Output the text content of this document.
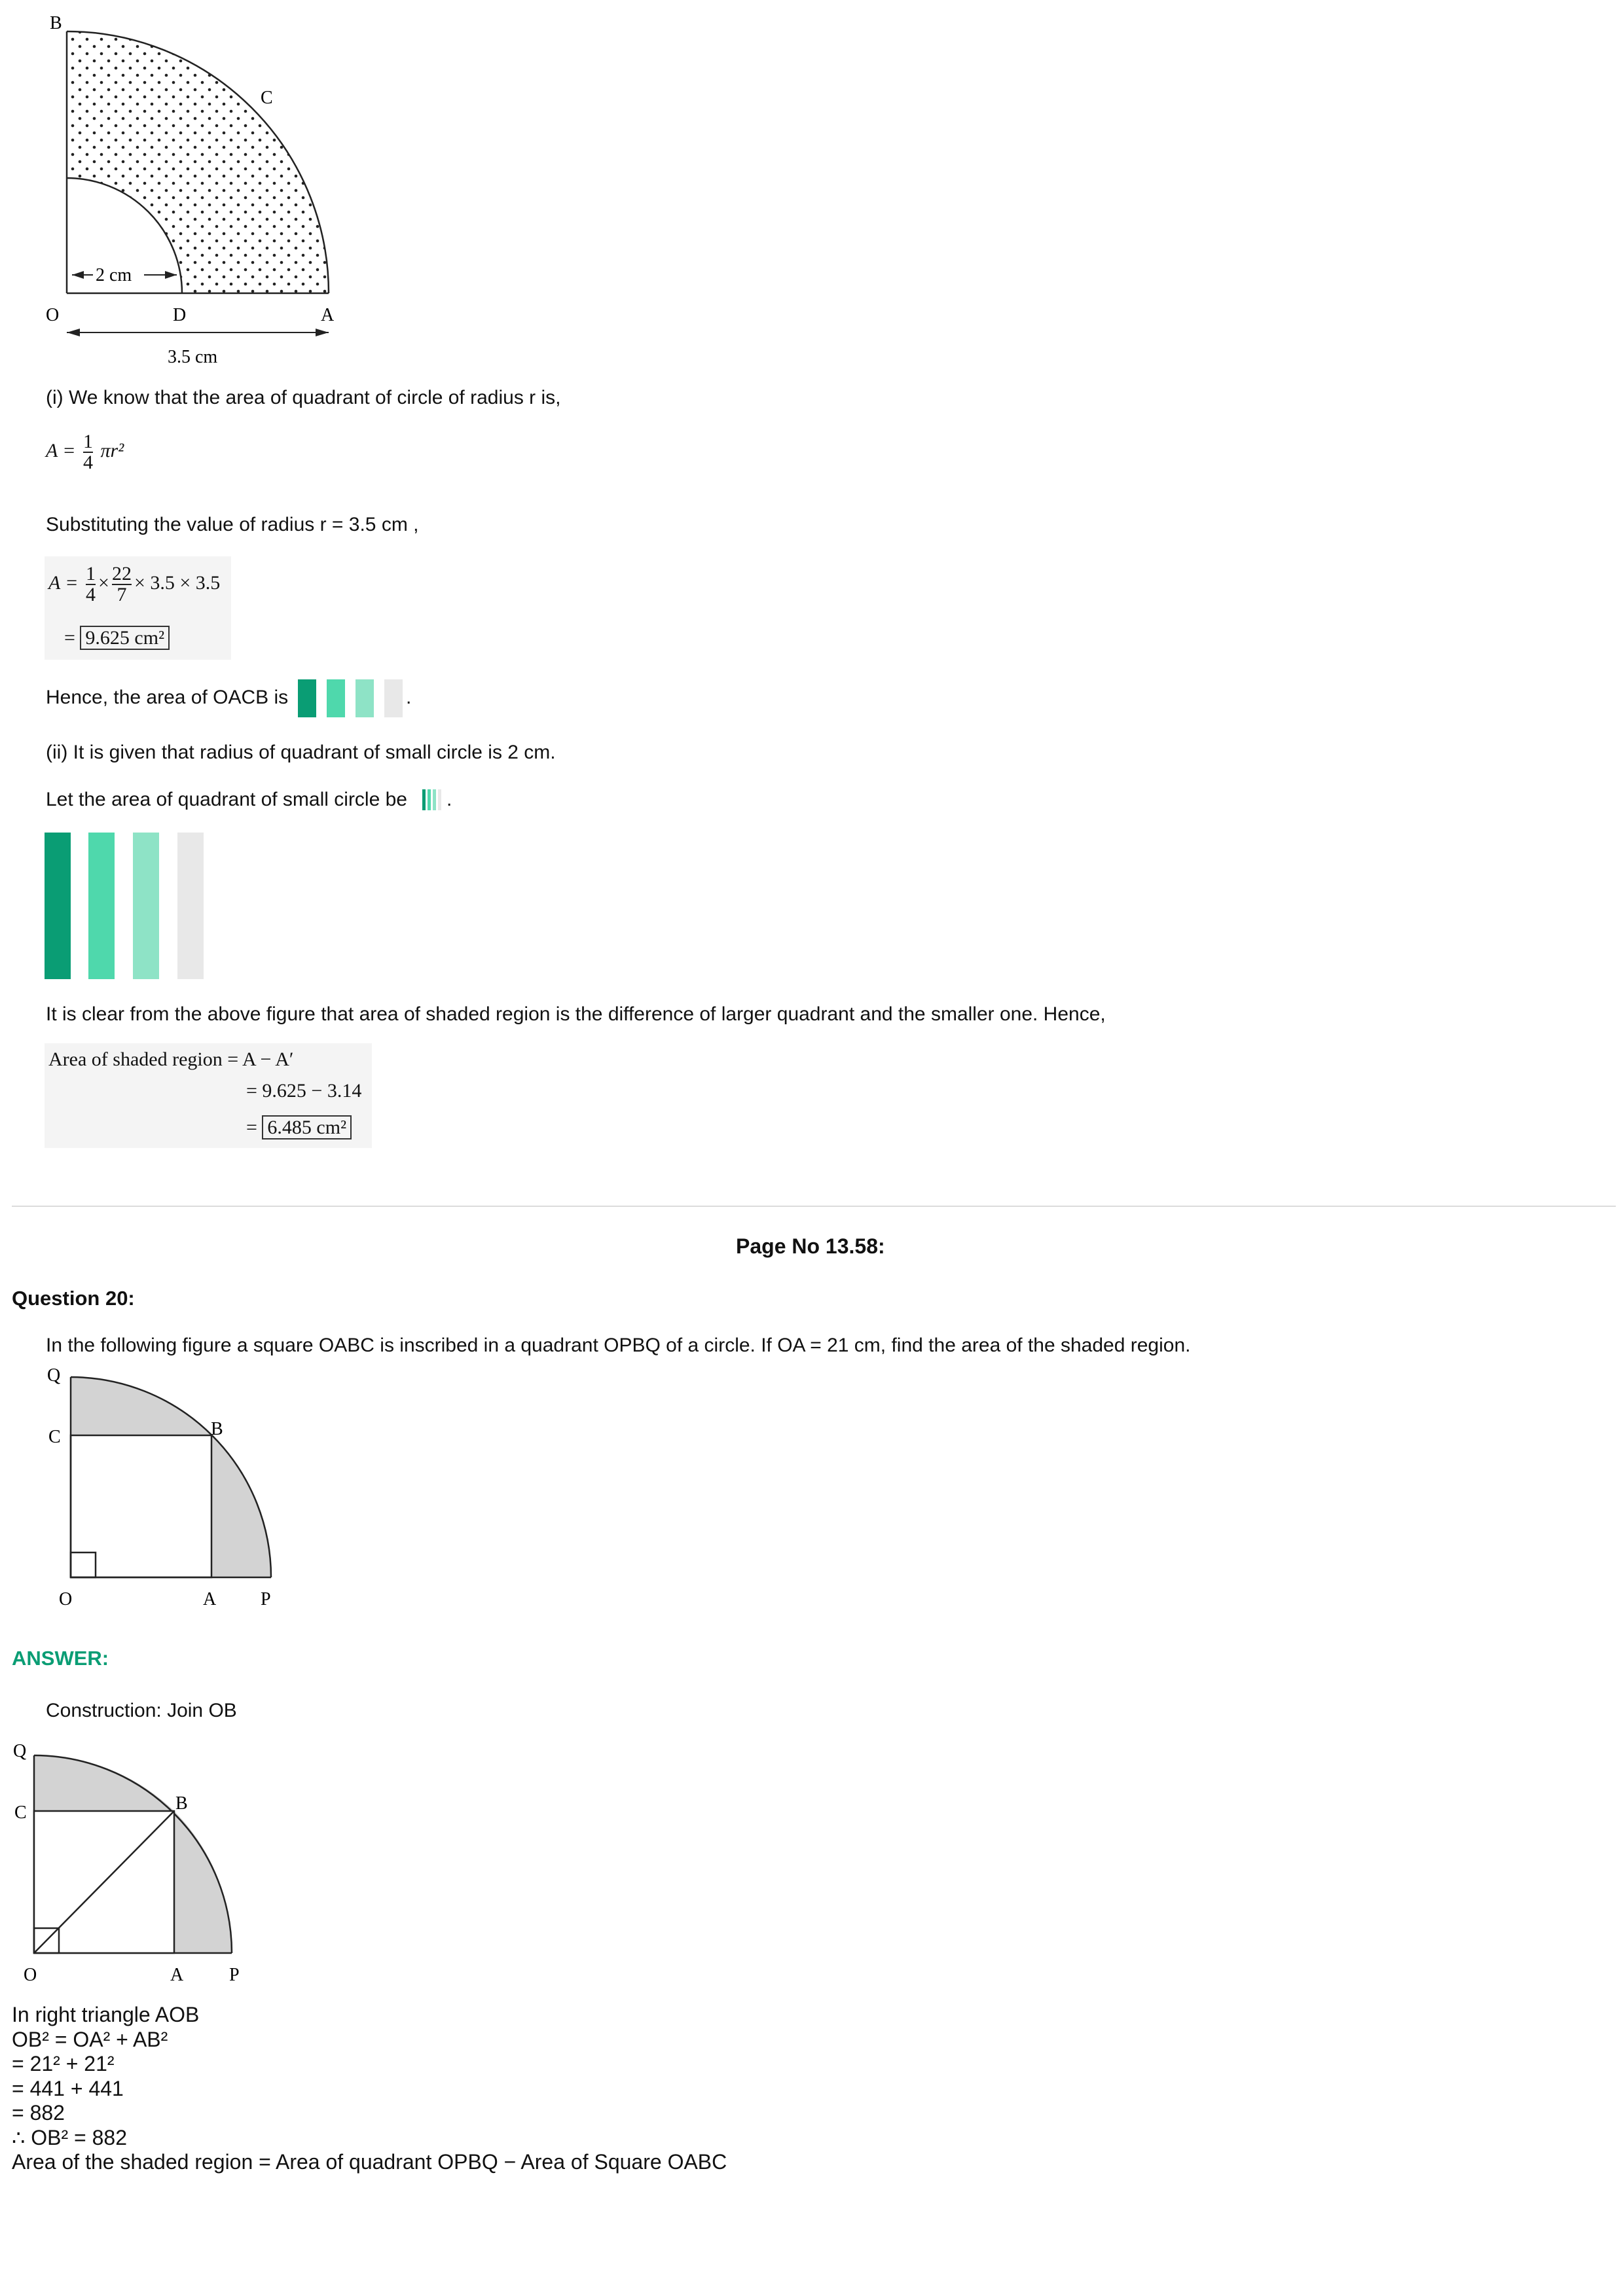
2 cm
3.5 cm
B
C
O	D	A
(i) We know that the area of quadrant of circle of radius r is,
$A = \frac{1}{4} \pi r^2$
Substituting the value of radius r = 3.5 cm ,
$A = \frac{1}{4} \times \frac{22}{7} \times 3.5 \times 3.5$
= 9.625 cm²
Hence, the area of OACB is	.
(ii) It is given that radius of quadrant of small circle is 2 cm.
Let the area of quadrant of small circle be .
It is clear from the above figure that area of shaded region is the difference of larger quadrant and the smaller one. Hence,
Area of shaded region = A − A′
= 9.625 − 3.14
= 6.485 cm²
Page No 13.58:
Question 20:
In the following figure a square OABC is inscribed in a quadrant OPBQ of a circle. If OA = 21 cm, find the area of the shaded region.
Q
C	B
O	A P
ANSWER:
Construction: Join OB
Q
C	B
O	A P
In right triangle AOB
OB² = OA² + AB²
= 21² + 21²
= 441 + 441
= 882
∴ OB² = 882
Area of the shaded region = Area of quadrant OPBQ − Area of Square OABC
